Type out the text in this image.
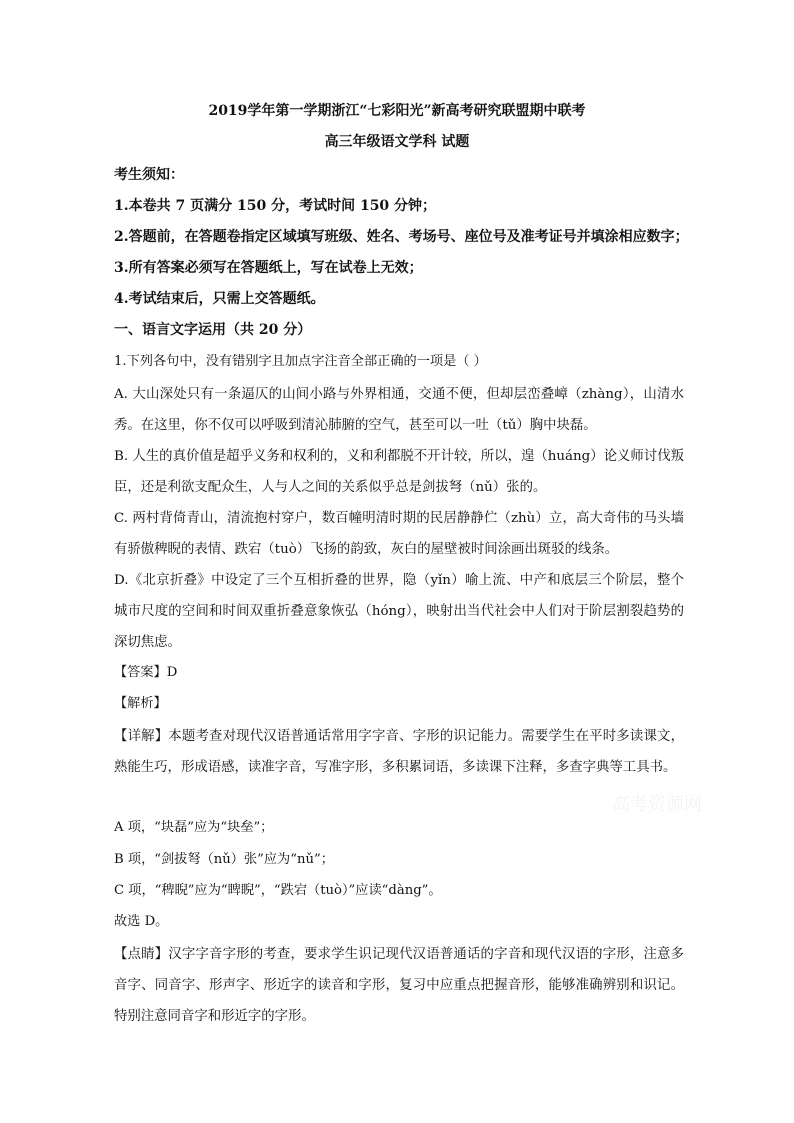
2019学年第一学期浙江“七彩阳光”新高考研究联盟期中联考
高三年级语文学科 试题
考生须知：
1.本卷共 7 页满分 150 分，考试时间 150 分钟；
2.答题前，在答题卷指定区域填写班级、姓名、考场号、座位号及准考证号并填涂相应数字；
3.所有答案必须写在答题纸上，写在试卷上无效；
4.考试结束后，只需上交答题纸。
一、语言文字运用（共 20 分）
1.下列各句中，没有错别字且加点字注音全部正确的一项是（ ）

A. 大山深处只有一条逼仄的山间小路与外界相通，交通不便，但却层峦叠嶂（zhàng），山清水秀。在这里，你不仅可以呼吸到清沁肺腑的空气，甚至可以一吐（tǔ）胸中块磊。

B. 人生的真价值是超乎义务和权利的，义和利都脱不开计较，所以，遑（huáng）论义师讨伐叛臣，还是利欲支配众生，人与人之间的关系似乎总是剑拔弩（nǔ）张的。

C. 两村背倚青山，清流抱村穿户，数百幢明清时期的民居静静伫（zhù）立，高大奇伟的马头墙有骄傲稗睨的表情、跌宕（tuò）飞扬的韵致，灰白的屋壁被时间涂画出斑驳的线条。

D.《北京折叠》中设定了三个互相折叠的世界，隐（yǐn）喻上流、中产和底层三个阶层，整个城市尺度的空间和时间双重折叠意象恢弘（hóng），映射出当代社会中人们对于阶层割裂趋势的深切焦虑。

【答案】D
【解析】

【详解】本题考查对现代汉语普通话常用字字音、字形的识记能力。需要学生在平时多读课文，熟能生巧，形成语感，读准字音，写准字形，多积累词语，多读课下注释，多查字典等工具书。

A 项，“块磊”应为“块垒”；
B 项，“剑拔弩（nǔ）张”应为“nǔ”；
C 项，“稗睨”应为“睥睨”，“跌宕（tuò）”应读“dàng”。
故选 D。

【点睛】汉字字音字形的考查，要求学生识记现代汉语普通话的字音和现代汉语的字形，注意多音字、同音字、形声字、形近字的读音和字形，复习中应重点把握音形，能够准确辨别和识记。特别注意同音字和形近字的字形。

高考资源网
